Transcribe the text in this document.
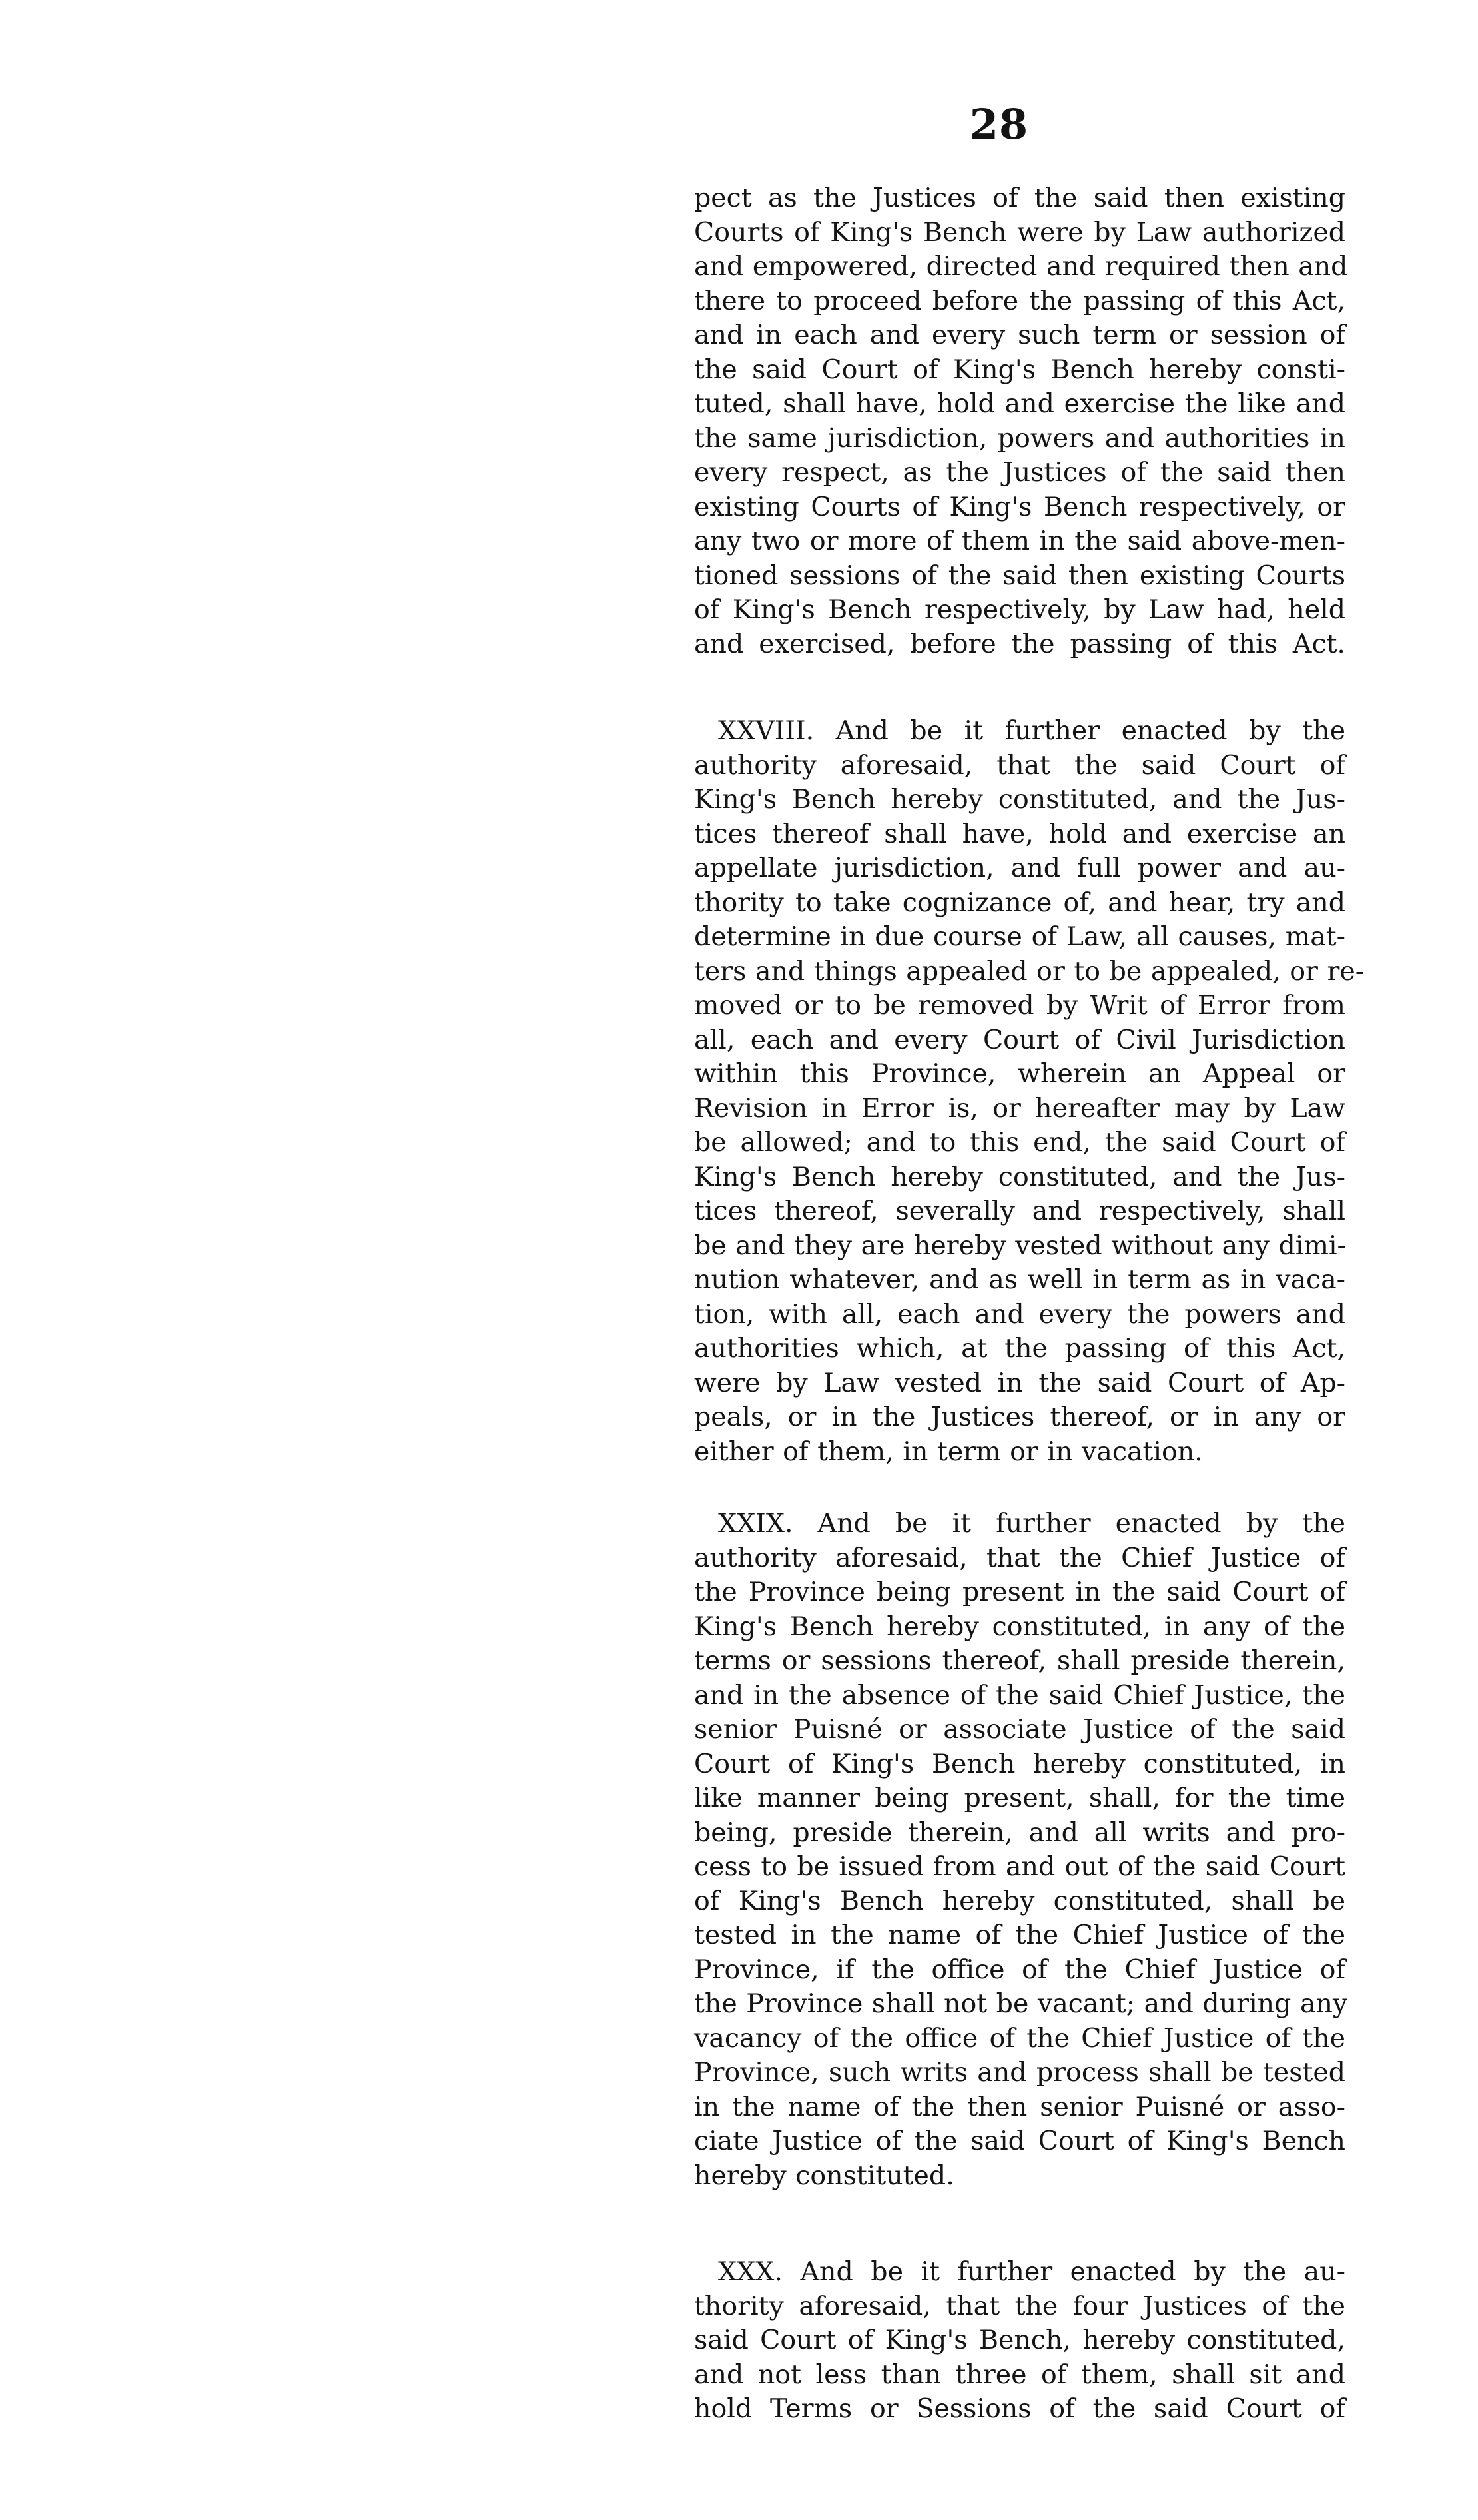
28

pect as the Justices of the said then existing
Courts of King's Bench were by Law authorized
and empowered, directed and required then and
there to proceed before the passing of this Act,
and in each and every such term or session of
the said Court of King's Bench hereby consti-
tuted, shall have, hold and exercise the like and
the same jurisdiction, powers and authorities in
every respect, as the Justices of the said then
existing Courts of King's Bench respectively, or
any two or more of them in the said above-men-
tioned sessions of the said then existing Courts
of King's Bench respectively, by Law had, held
and exercised, before the passing of this Act.

XXVIII. And be it further enacted by the
authority aforesaid, that the said Court of
King's Bench hereby constituted, and the Jus-
tices thereof shall have, hold and exercise an
appellate jurisdiction, and full power and au-
thority to take cognizance of, and hear, try and
determine in due course of Law, all causes, mat-
ters and things appealed or to be appealed, or re-
moved or to be removed by Writ of Error from
all, each and every Court of Civil Jurisdiction
within this Province, wherein an Appeal or
Revision in Error is, or hereafter may by Law
be allowed; and to this end, the said Court of
King's Bench hereby constituted, and the Jus-
tices thereof, severally and respectively, shall
be and they are hereby vested without any dimi-
nution whatever, and as well in term as in vaca-
tion, with all, each and every the powers and
authorities which, at the passing of this Act,
were by Law vested in the said Court of Ap-
peals, or in the Justices thereof, or in any or
either of them, in term or in vacation.

XXIX. And be it further enacted by the
authority aforesaid, that the Chief Justice of
the Province being present in the said Court of
King's Bench hereby constituted, in any of the
terms or sessions thereof, shall preside therein,
and in the absence of the said Chief Justice, the
senior Puisné or associate Justice of the said
Court of King's Bench hereby constituted, in
like manner being present, shall, for the time
being, preside therein, and all writs and pro-
cess to be issued from and out of the said Court
of King's Bench hereby constituted, shall be
tested in the name of the Chief Justice of the
Province, if the office of the Chief Justice of
the Province shall not be vacant; and during any
vacancy of the office of the Chief Justice of the
Province, such writs and process shall be tested
in the name of the then senior Puisné or asso-
ciate Justice of the said Court of King's Bench
hereby constituted.

XXX. And be it further enacted by the au-
thority aforesaid, that the four Justices of the
said Court of King's Bench, hereby constituted,
and not less than three of them, shall sit and
hold Terms or Sessions of the said Court of
